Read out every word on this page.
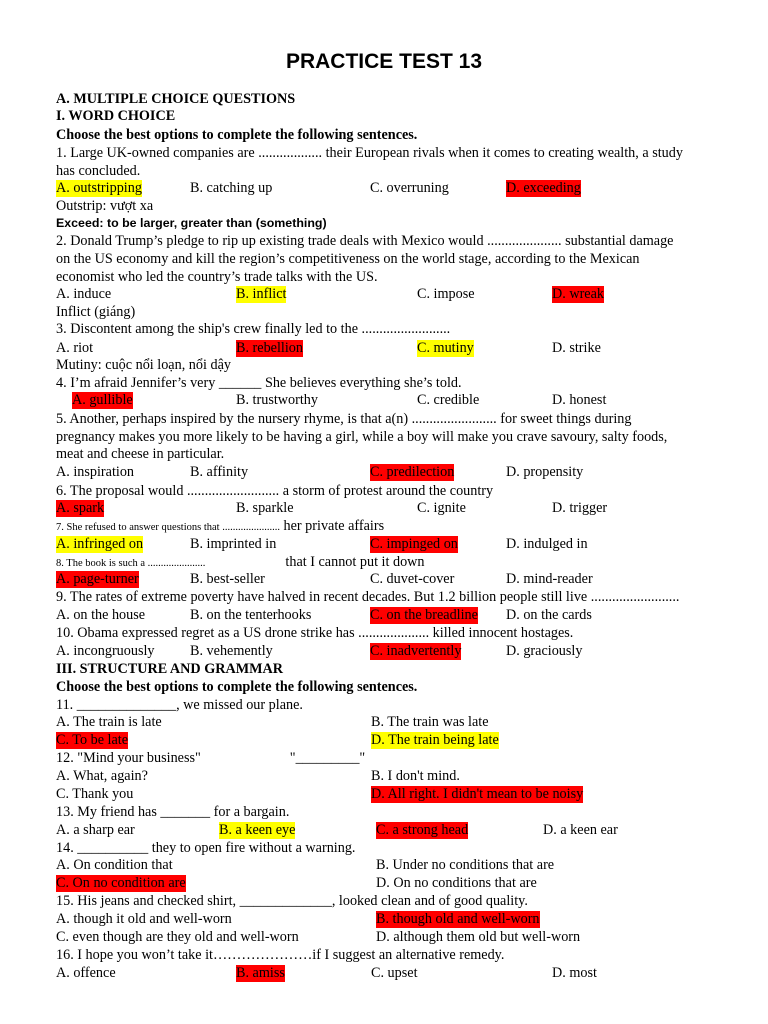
PRACTICE TEST 13
A. MULTIPLE CHOICE QUESTIONS
I. WORD CHOICE
Choose the best options to complete the following sentences.
1. Large UK-owned companies are .................. their European rivals when it comes to creating wealth, a study
has concluded.
A. outstripping	B. catching up	C. overruning	D. exceeding
Outstrip: vượt xa
Exceed: to be larger, greater than (something)
2. Donald Trump’s pledge to rip up existing trade deals with Mexico would ..................... substantial damage
on the US economy and kill the region’s competitiveness on the world stage, according to the Mexican
economist who led the country’s trade talks with the US.
A. induce	B. inflict	C. impose	D. wreak
Inflict (giáng)
3. Discontent among the ship's crew finally led to the .........................
A. riot	B. rebellion	C. mutiny	D. strike
Mutiny: cuộc nổi loạn, nổi dậy
4. I’m afraid Jennifer’s very ______ She believes everything she’s told.
A. gullible	B. trustworthy	C. credible	D. honest
5. Another, perhaps inspired by the nursery rhyme, is that a(n) ........................ for sweet things during
pregnancy makes you more likely to be having a girl, while a boy will make you crave savoury, salty foods,
meat and cheese in particular.
A. inspiration	B. affinity	C. predilection	D. propensity
6. The proposal would .......................... a storm of protest around the country
A. spark	B. sparkle	C. ignite	D. trigger
7. She refused to answer questions that ...................... her private affairs
A. infringed on	B. imprinted in	C. impinged on	D. indulged in
8. The book is such a ......................	that I cannot put it down
A. page-turner	B. best-seller	C. duvet-cover	D. mind-reader
9. The rates of extreme poverty have halved in recent decades. But 1.2 billion people still live .........................
A. on the house	B. on the tenterhooks	C. on the breadline D. on the cards
10. Obama expressed regret as a US drone strike has .................... killed innocent hostages.
A. incongruously B. vehemently	C. inadvertently	D. graciously
III. STRUCTURE AND GRAMMAR
Choose the best options to complete the following sentences.
11. ______________, we missed our plane.
A. The train is late	B. The train was late
C. To be late	D. The train being late
12. "Mind your business"	"_________"
A. What, again?	B. I don't mind.
C. Thank you	D. All right. I didn't mean to be noisy
13. My friend has _______ for a bargain.
A. a sharp ear	B. a keen eye	C. a strong head	D. a keen ear
14. __________ they to open fire without a warning.
A. On condition that	B. Under no conditions that are
C. On no condition are	D. On no conditions that are
15. His jeans and checked shirt, _____________, looked clean and of good quality.
A. though it old and well-worn	B. though old and well-worn
C. even though are they old and well-worn	D. although them old but well-worn
16. I hope you won’t take it…………………if I suggest an alternative remedy.
A. offence	B. amiss	C. upset	D. most
